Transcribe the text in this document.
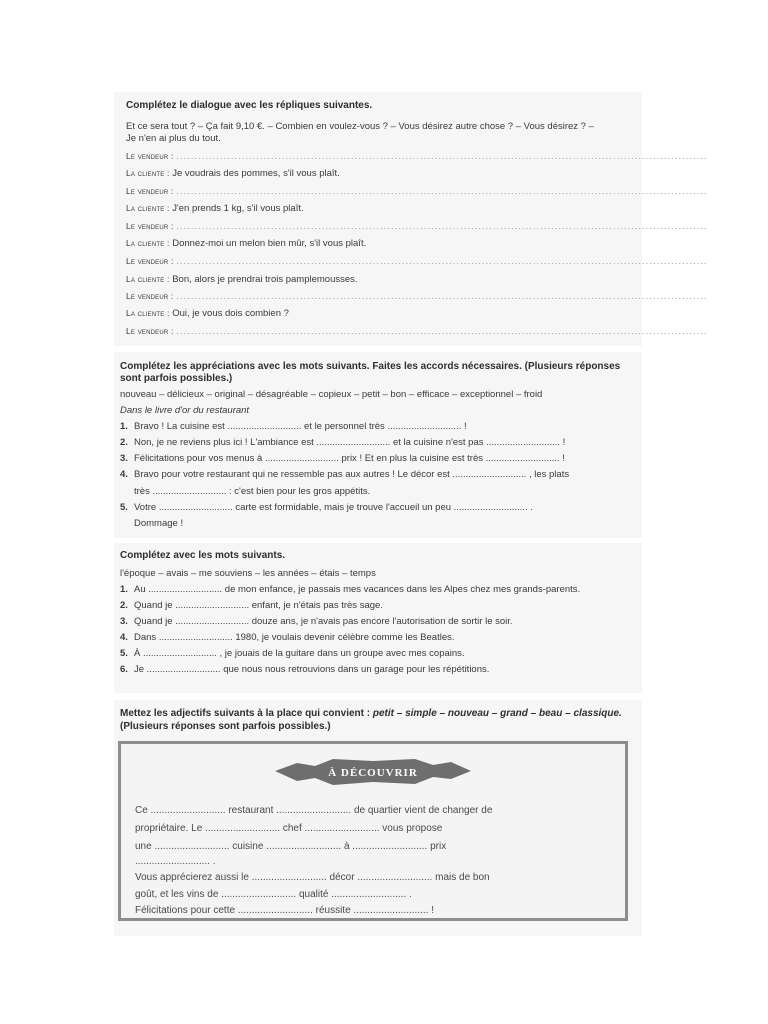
Complétez le dialogue avec les répliques suivantes.
Et ce sera tout ? – Ça fait 9,10 €. – Combien en voulez-vous ? – Vous désirez autre chose ? – Vous désirez ? –
Je n'en ai plus du tout.
Le vendeur : ..................................................................................................................................................
La cliente : Je voudrais des pommes, s'il vous plaît.
Le vendeur : ..................................................................................................................................................
La cliente : J'en prends 1 kg, s'il vous plaît.
Le vendeur : ..................................................................................................................................................
La cliente : Donnez-moi un melon bien mûr, s'il vous plaît.
Le vendeur : ..................................................................................................................................................
La cliente : Bon, alors je prendrai trois pamplemousses.
Le vendeur : ..................................................................................................................................................
La cliente : Oui, je vous dois combien ?
Le vendeur : ..................................................................................................................................................
Complétez les appréciations avec les mots suivants. Faites les accords nécessaires. (Plusieurs réponses
sont parfois possibles.)
nouveau – délicieux – original – désagréable – copieux – petit – bon – efficace – exceptionnel – froid
Dans le livre d'or du restaurant
1. Bravo ! La cuisine est ............................ et le personnel très ............................ !
2. Non, je ne reviens plus ici ! L'ambiance est ............................ et la cuisine n'est pas ............................ !
3. Félicitations pour vos menus à ............................ prix ! Et en plus la cuisine est très ............................ !
4. Bravo pour votre restaurant qui ne ressemble pas aux autres ! Le décor est ............................ , les plats
très ............................ : c'est bien pour les gros appétits.
5. Votre ............................ carte est formidable, mais je trouve l'accueil un peu ............................ .
Dommage !
Complétez avec les mots suivants.
l'époque – avais – me souviens – les années – étais – temps
1. Au ............................ de mon enfance, je passais mes vacances dans les Alpes chez mes grands-parents.
2. Quand je ............................ enfant, je n'étais pas très sage.
3. Quand je ............................ douze ans, je n'avais pas encore l'autorisation de sortir le soir.
4. Dans ............................ 1980, je voulais devenir célèbre comme les Beatles.
5. À ............................ , je jouais de la guitare dans un groupe avec mes copains.
6. Je ............................ que nous nous retrouvions dans un garage pour les répétitions.
Mettez les adjectifs suivants à la place qui convient : petit – simple – nouveau – grand – beau – classique.
(Plusieurs réponses sont parfois possibles.)
Ce ........................... restaurant ........................... de quartier vient de changer de
propriétaire. Le ........................... chef ........................... vous propose
une ........................... cuisine ........................... à ........................... prix
........................... .
Vous apprécierez aussi le ........................... décor ........................... mais de bon
goût, et les vins de ........................... qualité ........................... .
Félicitations pour cette ........................... réussite ........................... !
À DÉCOUVRIR
